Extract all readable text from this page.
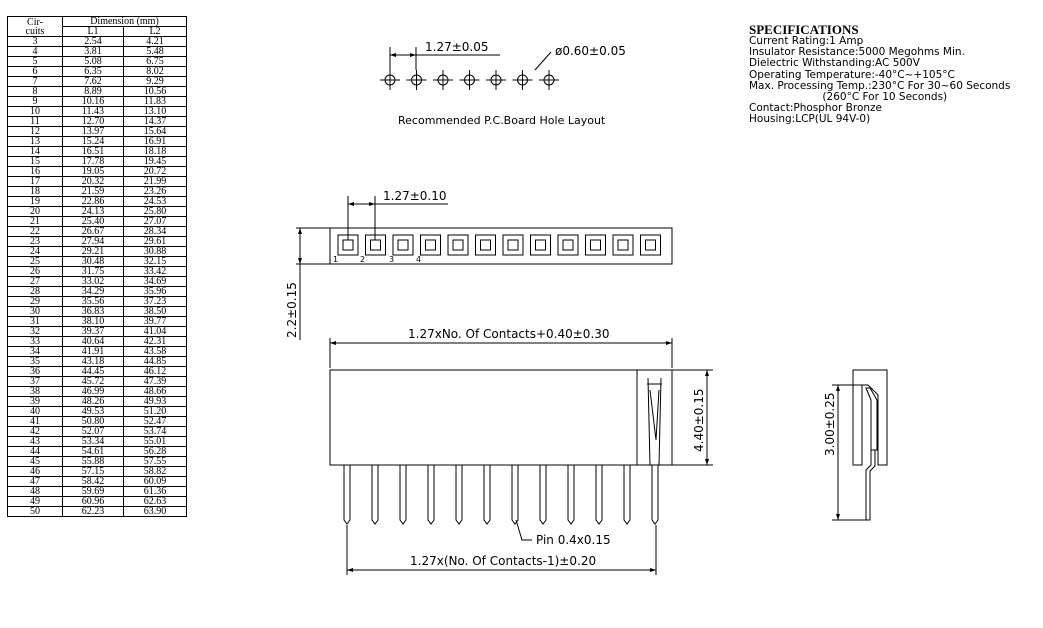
Cir-
cuits	Dimension (mm)	
	L1	L2
3	2.54	4.21
4	3.81	5.48
5	5.08	6.75
6	6.35	8.02
7	7.62	9.29
8	8.89	10.56
9	10.16	11.83
10	11.43	13.10
11	12.70	14.37
12	13.97	15.64
13	15.24	16.91
14	16.51	18.18
15	17.78	19.45
16	19.05	20.72
17	20.32	21.99
18	21.59	23.26
19	22.86	24.53
20	24.13	25.80
21	25.40	27.07
22	26.67	28.34
23	27.94	29.61
24	29.21	30.88
25	30.48	32.15
26	31.75	33.42
27	33.02	34.69
28	34.29	35.96
29	35.56	37.23
30	36.83	38.50
31	38.10	39.77
32	39.37	41.04
33	40.64	42.31
34	41.91	43.58
35	43.18	44.85
36	44.45	46.12
37	45.72	47.39
38	46.99	48.66
39	48.26	49.93
40	49.53	51.20
41	50.80	52.47
42	52.07	53.74
43	53.34	55.01
44	54.61	56.28
45	55.88	57.55
46	57.15	58.82
47	58.42	60.09
48	59.69	61.36
49	60.96	62.63
50	62.23	63.90
SPECIFICATIONS
Current Rating:1 Amp
Insulator Resistance:5000 Megohms Min.
Dielectric Withstanding:AC 500V
Operating Temperature:-40°C~+105°C
Max. Processing Temp.:230°C For 30~60 Seconds
(260°C For 10 Seconds)
Contact:Phosphor Bronze
Housing:LCP(UL 94V-0)
1.27±0.05	ø0.60±0.05
Recommended P.C.Board Hole Layout
1.27±0.10
2.2±0.15
1	2	3	4
1.27xNo. Of Contacts+0.40±0.30
4.40±0.15
Pin 0.4x0.15
1.27x(No. Of Contacts-1)±0.20
3.00±0.25
